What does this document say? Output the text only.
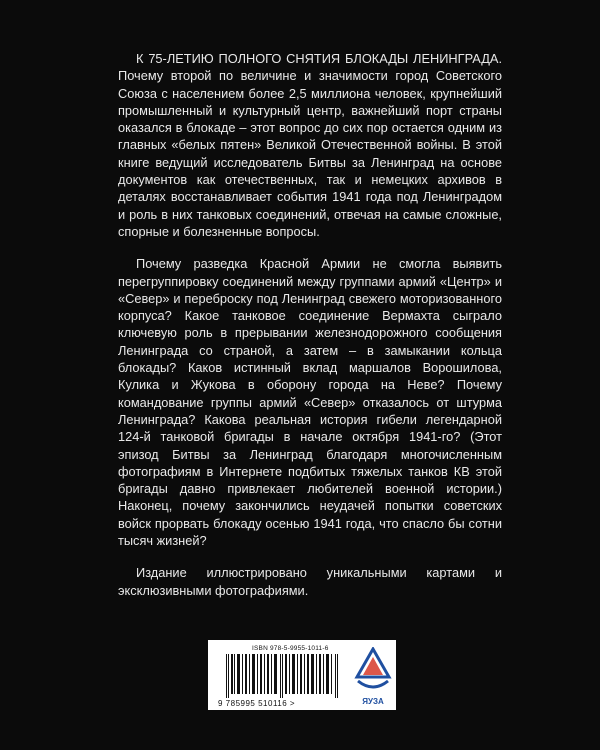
К 75-ЛЕТИЮ ПОЛНОГО СНЯТИЯ БЛОКАДЫ ЛЕНИНГРАДА. Почему второй по величине и значимости город Советского Союза с населением более 2,5 миллиона человек, крупнейший промышленный и культурный центр, важнейший порт страны оказался в блокаде – этот вопрос до сих пор остается одним из главных «белых пятен» Великой Отечественной войны. В этой книге ведущий исследователь Битвы за Ленинград на основе документов как отечественных, так и немецких архивов в деталях восстанавливает события 1941 года под Ленинградом и роль в них танковых соединений, отвечая на самые сложные, спорные и болезненные вопросы.

Почему разведка Красной Армии не смогла выявить перегруппировку соединений между группами армий «Центр» и «Север» и переброску под Ленинград свежего моторизованного корпуса? Какое танковое соединение Вермахта сыграло ключевую роль в прерывании железнодорожного сообщения Ленинграда со страной, а затем – в замыкании кольца блокады? Каков истинный вклад маршалов Ворошилова, Кулика и Жукова в оборону города на Неве? Почему командование группы армий «Север» отказалось от штурма Ленинграда? Какова реальная история гибели легендарной 124-й танковой бригады в начале октября 1941-го? (Этот эпизод Битвы за Ленинград благодаря многочисленным фотографиям в Интернете подбитых тяжелых танков КВ этой бригады давно привлекает любителей военной истории.) Наконец, почему закончились неудачей попытки советских войск прорвать блокаду осенью 1941 года, что спасло бы сотни тысяч жизней?

Издание иллюстрировано уникальными картами и эксклюзивными фотографиями.

ISBN 978-5-9955-1011-6
9 785995 510116 >	ЯУЗА
